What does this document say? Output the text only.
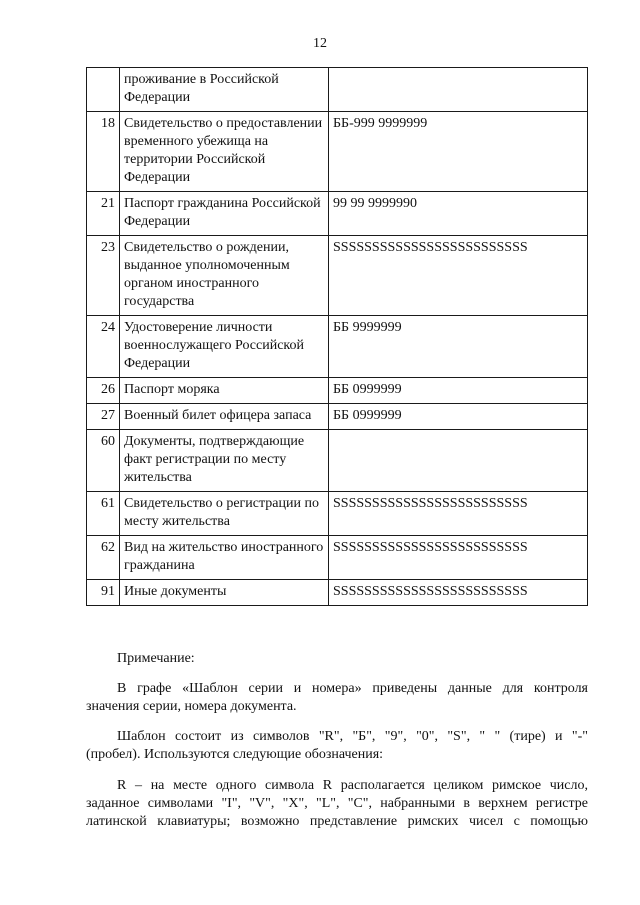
12
	проживание в Российской Федерации	
18	Свидетельство о предоставлении временного убежища на территории Российской Федерации	ББ-999 9999999
21	Паспорт гражданина Российской Федерации	99 99 9999990
23	Свидетельство о рождении, выданное уполномоченным органом иностранного государства	SSSSSSSSSSSSSSSSSSSSSSSSS
24	Удостоверение личности военнослужащего Российской Федерации	ББ 9999999
26	Паспорт моряка	ББ 0999999
27	Военный билет офицера запаса	ББ 0999999
60	Документы, подтверждающие факт регистрации по месту жительства	
61	Свидетельство о регистрации по месту жительства	SSSSSSSSSSSSSSSSSSSSSSSSS
62	Вид на жительство иностранного гражданина	SSSSSSSSSSSSSSSSSSSSSSSSS
91	Иные документы	SSSSSSSSSSSSSSSSSSSSSSSSS
Примечание:
В графе «Шаблон серии и номера» приведены данные для контроля
значения серии, номера документа.
Шаблон состоит из символов "R", "Б", "9", "0", "S", " " (тире) и "-"
(пробел). Используются следующие обозначения:
R – на месте одного символа R располагается целиком римское число,
заданное символами "I", "V", "X", "L", "C", набранными в верхнем регистре
латинской клавиатуры; возможно представление римских чисел с помощью
